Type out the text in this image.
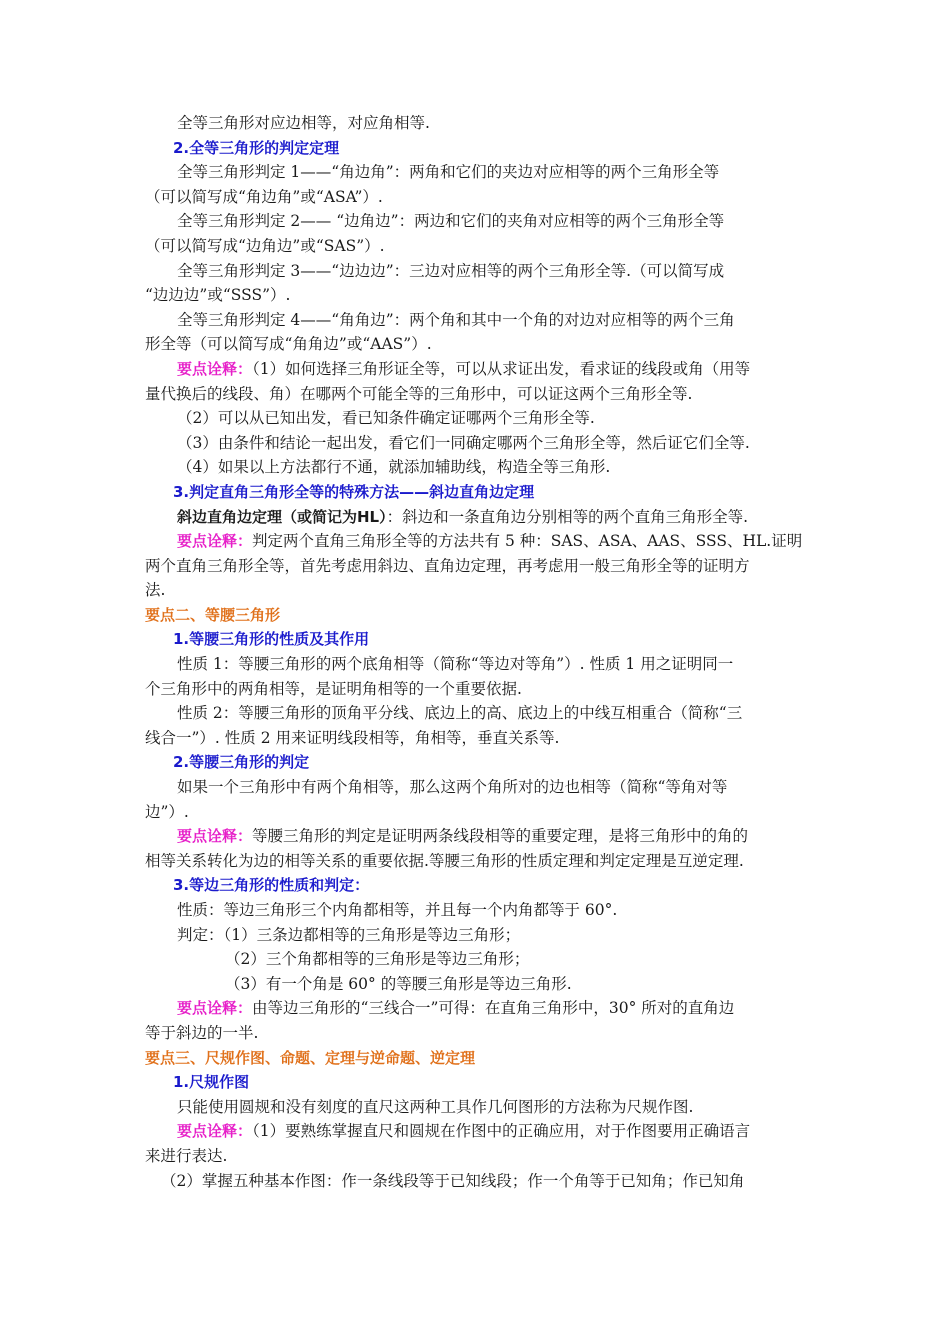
全等三角形对应边相等，对应角相等.
2.全等三角形的判定定理
全等三角形判定 1——“角边角”：两角和它们的夹边对应相等的两个三角形全等
（可以简写成“角边角”或“ASA”）.
全等三角形判定 2—— “边角边”：两边和它们的夹角对应相等的两个三角形全等
（可以简写成“边角边”或“SAS”）.
全等三角形判定 3——“边边边”：三边对应相等的两个三角形全等.（可以简写成
“边边边”或“SSS”）.
全等三角形判定 4——“角角边”：两个角和其中一个角的对边对应相等的两个三角
形全等（可以简写成“角角边”或“AAS”）.
要点诠释：（1）如何选择三角形证全等，可以从求证出发，看求证的线段或角（用等
量代换后的线段、角）在哪两个可能全等的三角形中，可以证这两个三角形全等.
（2）可以从已知出发，看已知条件确定证哪两个三角形全等.
（3）由条件和结论一起出发，看它们一同确定哪两个三角形全等，然后证它们全等.
（4）如果以上方法都行不通，就添加辅助线，构造全等三角形.
3.判定直角三角形全等的特殊方法——斜边直角边定理
斜边直角边定理（或简记为HL）：斜边和一条直角边分别相等的两个直角三角形全等.
要点诠释：判定两个直角三角形全等的方法共有 5 种：SAS、ASA、AAS、SSS、HL.证明
两个直角三角形全等，首先考虑用斜边、直角边定理，再考虑用一般三角形全等的证明方
法.
要点二、等腰三角形
1.等腰三角形的性质及其作用
性质 1：等腰三角形的两个底角相等（简称“等边对等角”）. 性质 1 用之证明同一
个三角形中的两角相等，是证明角相等的一个重要依据.
性质 2：等腰三角形的顶角平分线、底边上的高、底边上的中线互相重合（简称“三
线合一”）. 性质 2 用来证明线段相等，角相等，垂直关系等.
2.等腰三角形的判定
如果一个三角形中有两个角相等，那么这两个角所对的边也相等（简称“等角对等
边”）.
要点诠释：等腰三角形的判定是证明两条线段相等的重要定理，是将三角形中的角的
相等关系转化为边的相等关系的重要依据.等腰三角形的性质定理和判定定理是互逆定理.
3.等边三角形的性质和判定：
性质：等边三角形三个内角都相等，并且每一个内角都等于 60°.
判定：（1）三条边都相等的三角形是等边三角形；
（2）三个角都相等的三角形是等边三角形；
（3）有一个角是 60° 的等腰三角形是等边三角形.
要点诠释：由等边三角形的“三线合一”可得：在直角三角形中，30° 所对的直角边
等于斜边的一半.
要点三、尺规作图、命题、定理与逆命题、逆定理
1.尺规作图
只能使用圆规和没有刻度的直尺这两种工具作几何图形的方法称为尺规作图.
要点诠释：（1）要熟练掌握直尺和圆规在作图中的正确应用，对于作图要用正确语言
来进行表达.
（2）掌握五种基本作图：作一条线段等于已知线段；作一个角等于已知角；作已知角
